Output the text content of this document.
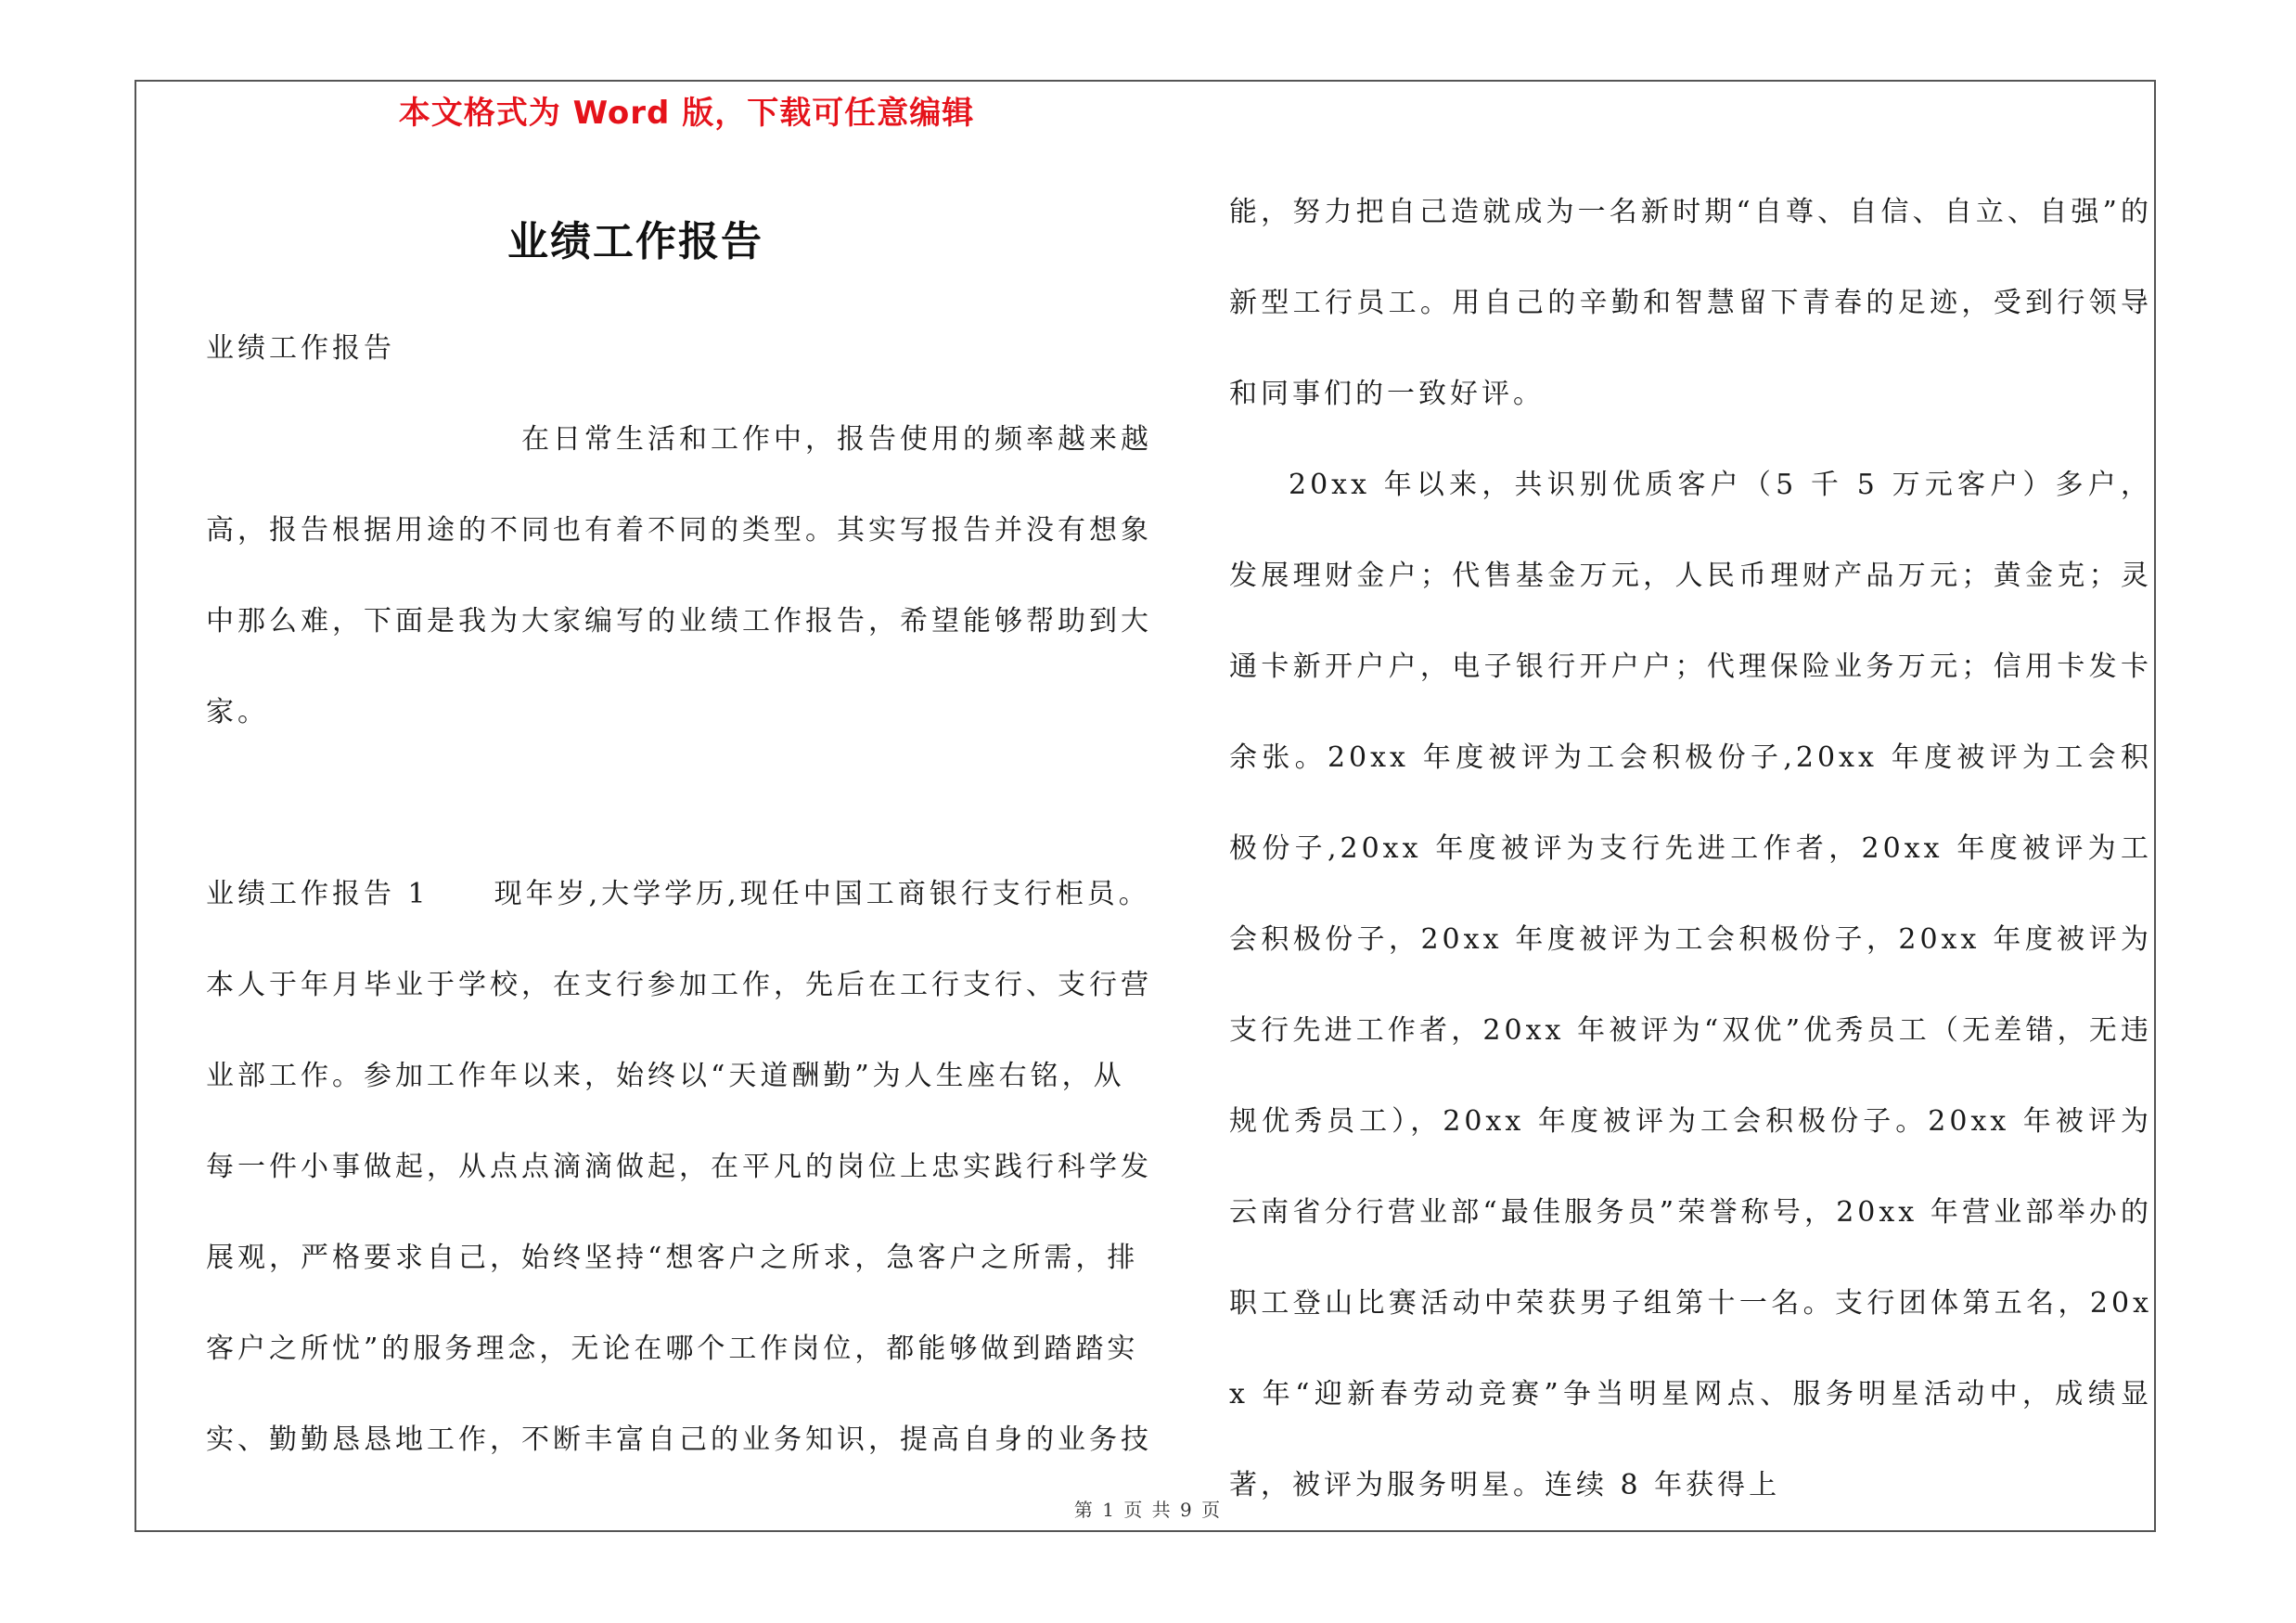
本文格式为 Word 版，下载可任意编辑
业绩工作报告

业绩工作报告

在日常生活和工作中，报告使用的频率越来越高，报告根据用途的不同也有着不同的类型。其实写报告并没有想象中那么难，下面是我为大家编写的业绩工作报告，希望能够帮助到大家。

业绩工作报告 1 现年岁,大学学历,现任中国工商银行支行柜员。本人于年月毕业于学校，在支行参加工作，先后在工行支行、支行营业部工作。参加工作年以来，始终以“天道酬勤”为人生座右铭，从每一件小事做起，从点点滴滴做起，在平凡的岗位上忠实践行科学发展观，严格要求自己，始终坚持“想客户之所求，急客户之所需，排客户之所忧”的服务理念，无论在哪个工作岗位，都能够做到踏踏实实、勤勤恳恳地工作，不断丰富自己的业务知识，提高自身的业务技

能，努力把自己造就成为一名新时期“自尊、自信、自立、自强”的新型工行员工。用自己的辛勤和智慧留下青春的足迹，受到行领导和同事们的一致好评。

20xx 年以来，共识别优质客户（5 千 5 万元客户）多户，发展理财金户；代售基金万元，人民币理财产品万元；黄金克；灵通卡新开户户，电子银行开户户；代理保险业务万元；信用卡发卡余张。20xx 年度被评为工会积极份子,20xx 年度被评为工会积极份子,20xx 年度被评为支行先进工作者，20xx 年度被评为工会积极份子，20xx 年度被评为工会积极份子，20xx 年度被评为支行先进工作者，20xx 年被评为“双优”优秀员工（无差错，无违规优秀员工），20xx 年度被评为工会积极份子。20xx 年被评为云南省分行营业部“最佳服务员”荣誉称号，20xx 年营业部举办的职工登山比赛活动中荣获男子组第十一名。支行团体第五名，20xx 年“迎新春劳动竞赛”争当明星网点、服务明星活动中，成绩显著，被评为服务明星。连续 8 年获得上

第 1 页 共 9 页
